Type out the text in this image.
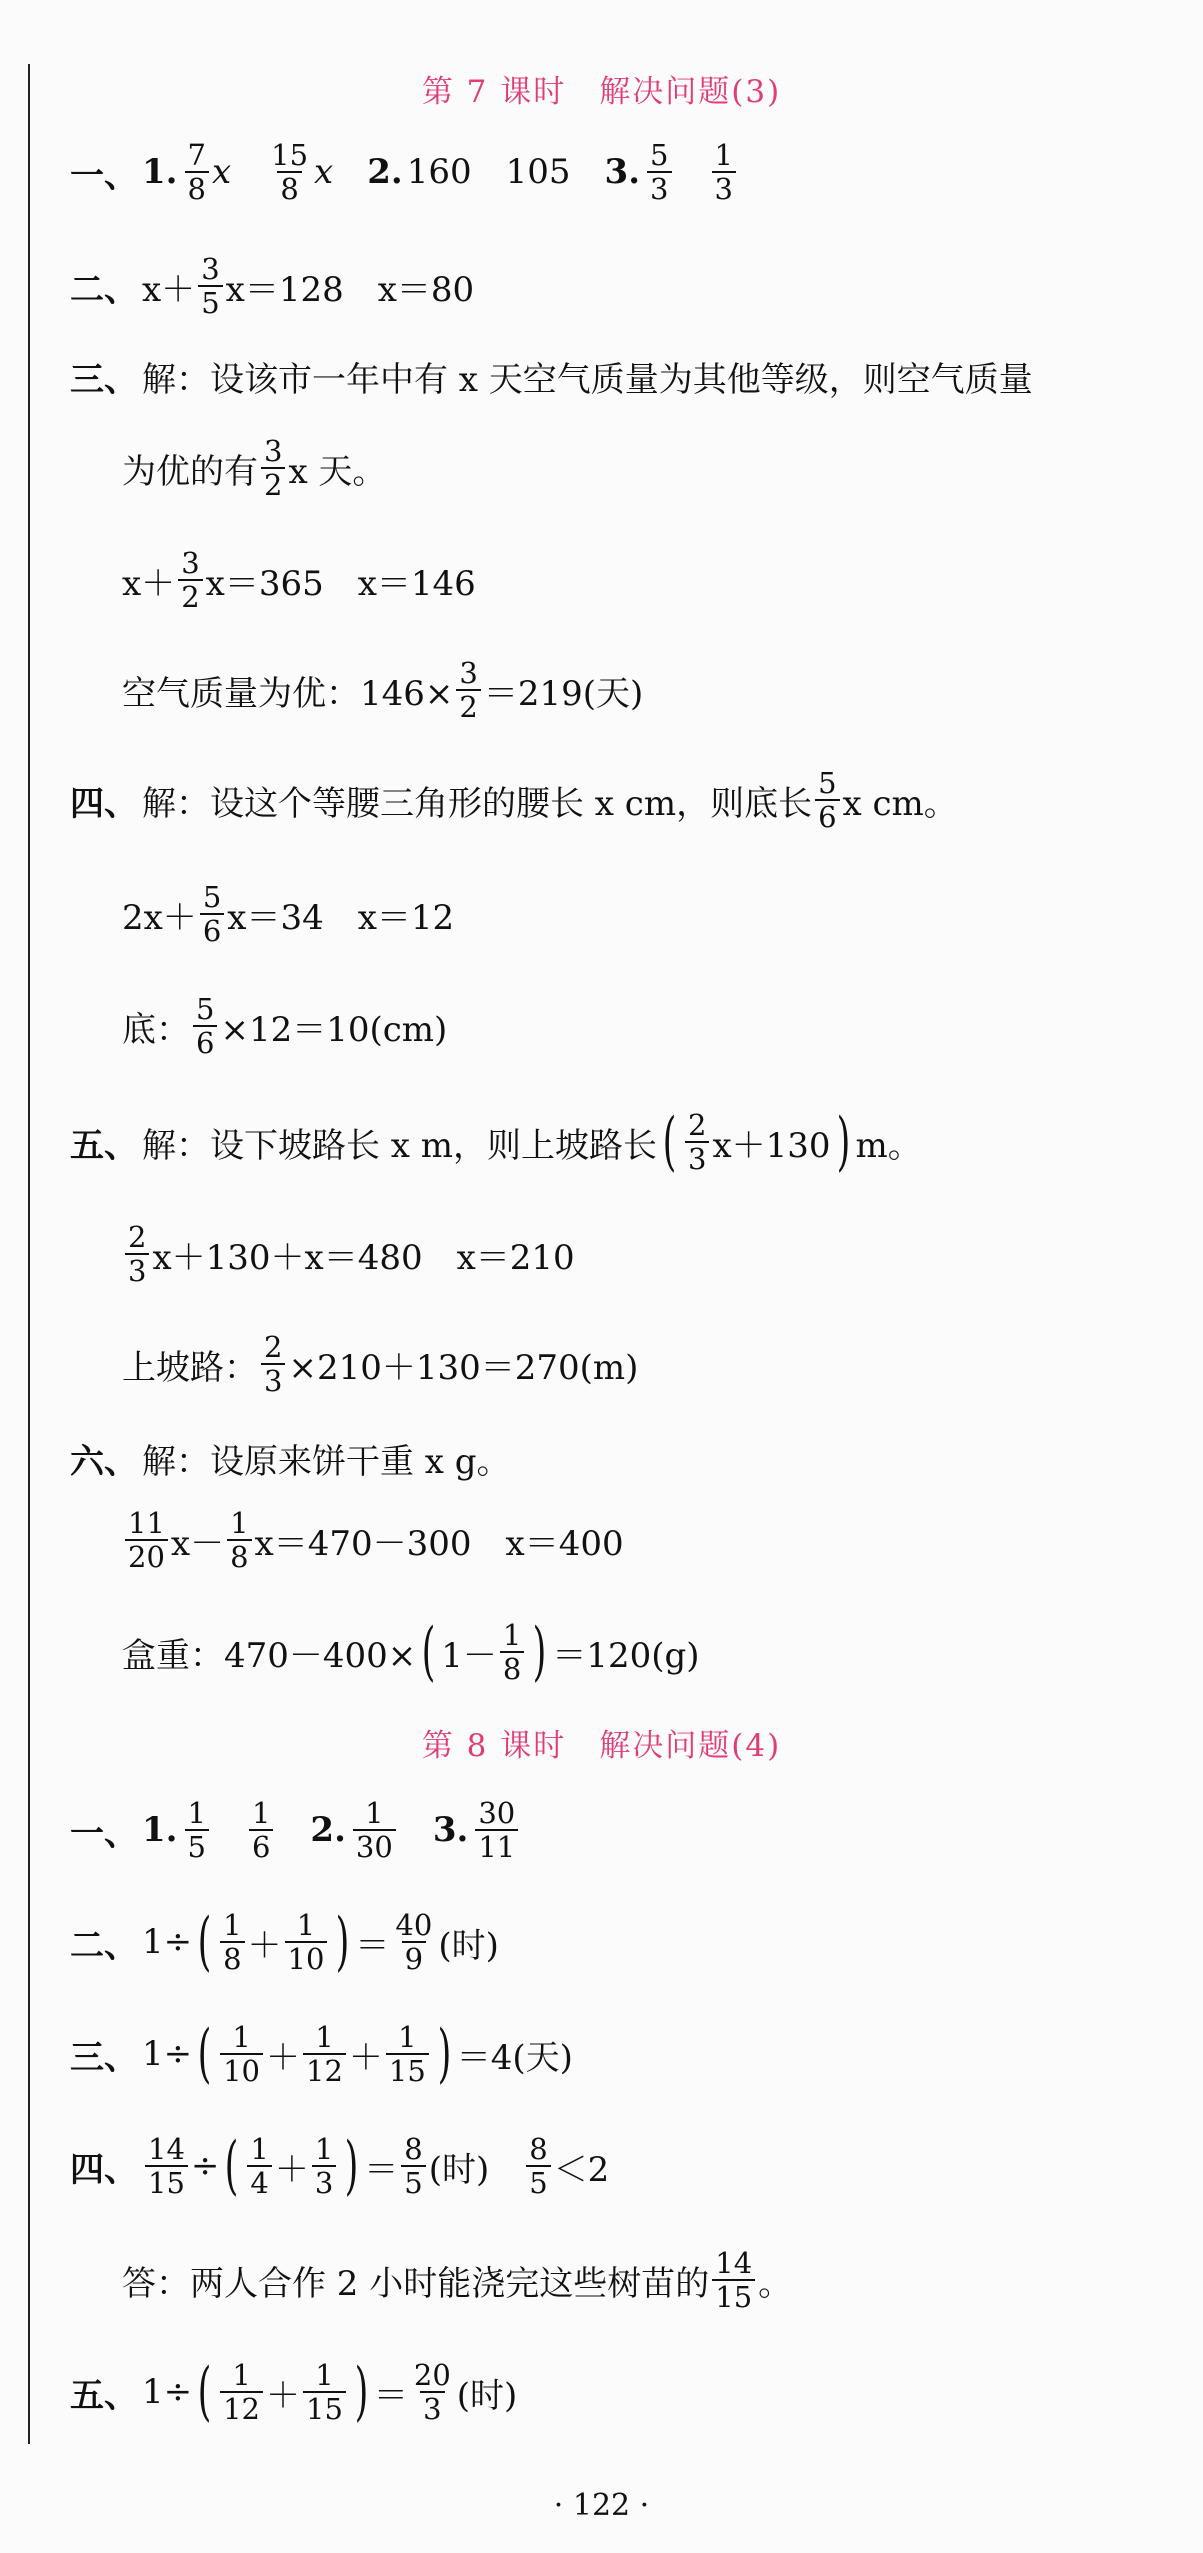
第 7 课时　解决问题(3)
一、 1. $\frac{7}{8}$ x $\frac{15}{8}$ x 2. 160 105 3. $\frac{5}{3} \frac{1}{3}$
二、 $x+ \frac{3}{5} x=128$ x＝80
三、 解：设该市一年中有 x 天空气质量为其他等级，则空气质量
为优的有 $\frac{3}{2}$ x 天。
$x+ \frac{3}{2} x=365$ x＝146
空气质量为优：$146\times \frac{3}{2} =219$(天)
四、 解：设这个等腰三角形的腰长 x cm，则底长 $\frac{5}{6}$ x cm。
$2x+ \frac{5}{6} x=34$ x＝12
底： $\frac{5}{6} \times 12=10(cm)$
五、 解：设下坡路长 x m，则上坡路长 ( $\frac{2}{3} x+130$ ) m。
$\frac{2}{3} x+130+x=480$ x＝210
上坡路： $\frac{2}{3} \times 210+130=270(m)$
六、 解：设原来饼干重 x g。
$\frac{11}{20} x- \frac{1}{8} x=470-300$ x＝400
盒重：470－400× ( $1- \frac{1}{8}$ ) ＝120(g)
第 8 课时　解决问题(4)
一、 1. $\frac{1}{5} \frac{1}{6} 2$. $\frac{1}{30} 3$. $\frac{30}{11}$
二、 1÷ ( $\frac{1}{8} + \frac{1}{10}$ ) ＝ $\frac{40}{9}$ (时)
三、 1÷ ( $\frac{1}{10} + \frac{1}{12} + \frac{1}{15}$ ) ＝4(天)
四、 $\frac{14}{15}$ ÷ ( $\frac{1}{4} + \frac{1}{3}$ ) ＝ $\frac{8}{5}$ (时) $\frac{8}{5} <2$
答：两人合作 2 小时能浇完这些树苗的 $\frac{14}{15}$ 。
五、 1÷ ( $\frac{1}{12} + \frac{1}{15}$ ) ＝ $\frac{20}{3}$ (时)
· 122 ·
